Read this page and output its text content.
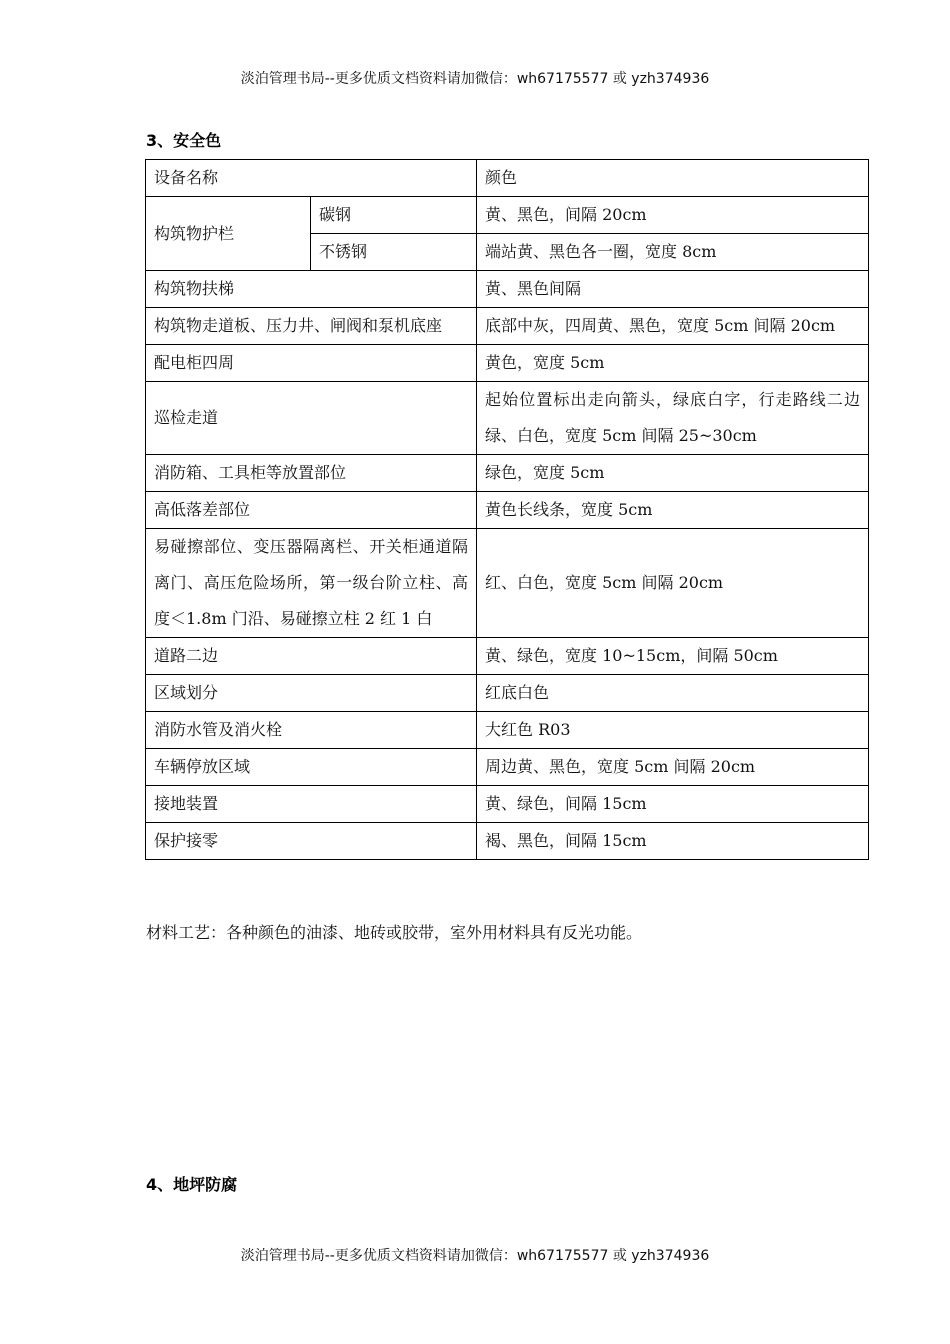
淡泊管理书局--更多优质文档资料请加微信：wh67175577 或 yzh374936
3、安全色
设备名称		颜色
构筑物护栏	碳钢	黄、黑色，间隔 20cm
	不锈钢	端站黄、黑色各一圈，宽度 8cm
构筑物扶梯		黄、黑色间隔
构筑物走道板、压力井、闸阀和泵机底座		底部中灰，四周黄、黑色，宽度 5cm 间隔 20cm
配电柜四周		黄色，宽度 5cm
巡检走道		起始位置标出走向箭头，绿底白字，行走路线二边绿、白色，宽度 5cm 间隔 25~30cm
消防箱、工具柜等放置部位		绿色，宽度 5cm
高低落差部位		黄色长线条，宽度 5cm
易碰擦部位、变压器隔离栏、开关柜通道隔离门、高压危险场所，第一级台阶立柱、高度＜1.8m 门沿、易碰擦立柱 2 红 1 白		红、白色，宽度 5cm 间隔 20cm
道路二边		黄、绿色，宽度 10~15cm，间隔 50cm
区域划分		红底白色
消防水管及消火栓		大红色 R03
车辆停放区域		周边黄、黑色，宽度 5cm 间隔 20cm
接地装置		黄、绿色，间隔 15cm
保护接零		褐、黑色，间隔 15cm
材料工艺：各种颜色的油漆、地砖或胶带，室外用材料具有反光功能。
4、地坪防腐
淡泊管理书局--更多优质文档资料请加微信：wh67175577 或 yzh374936
